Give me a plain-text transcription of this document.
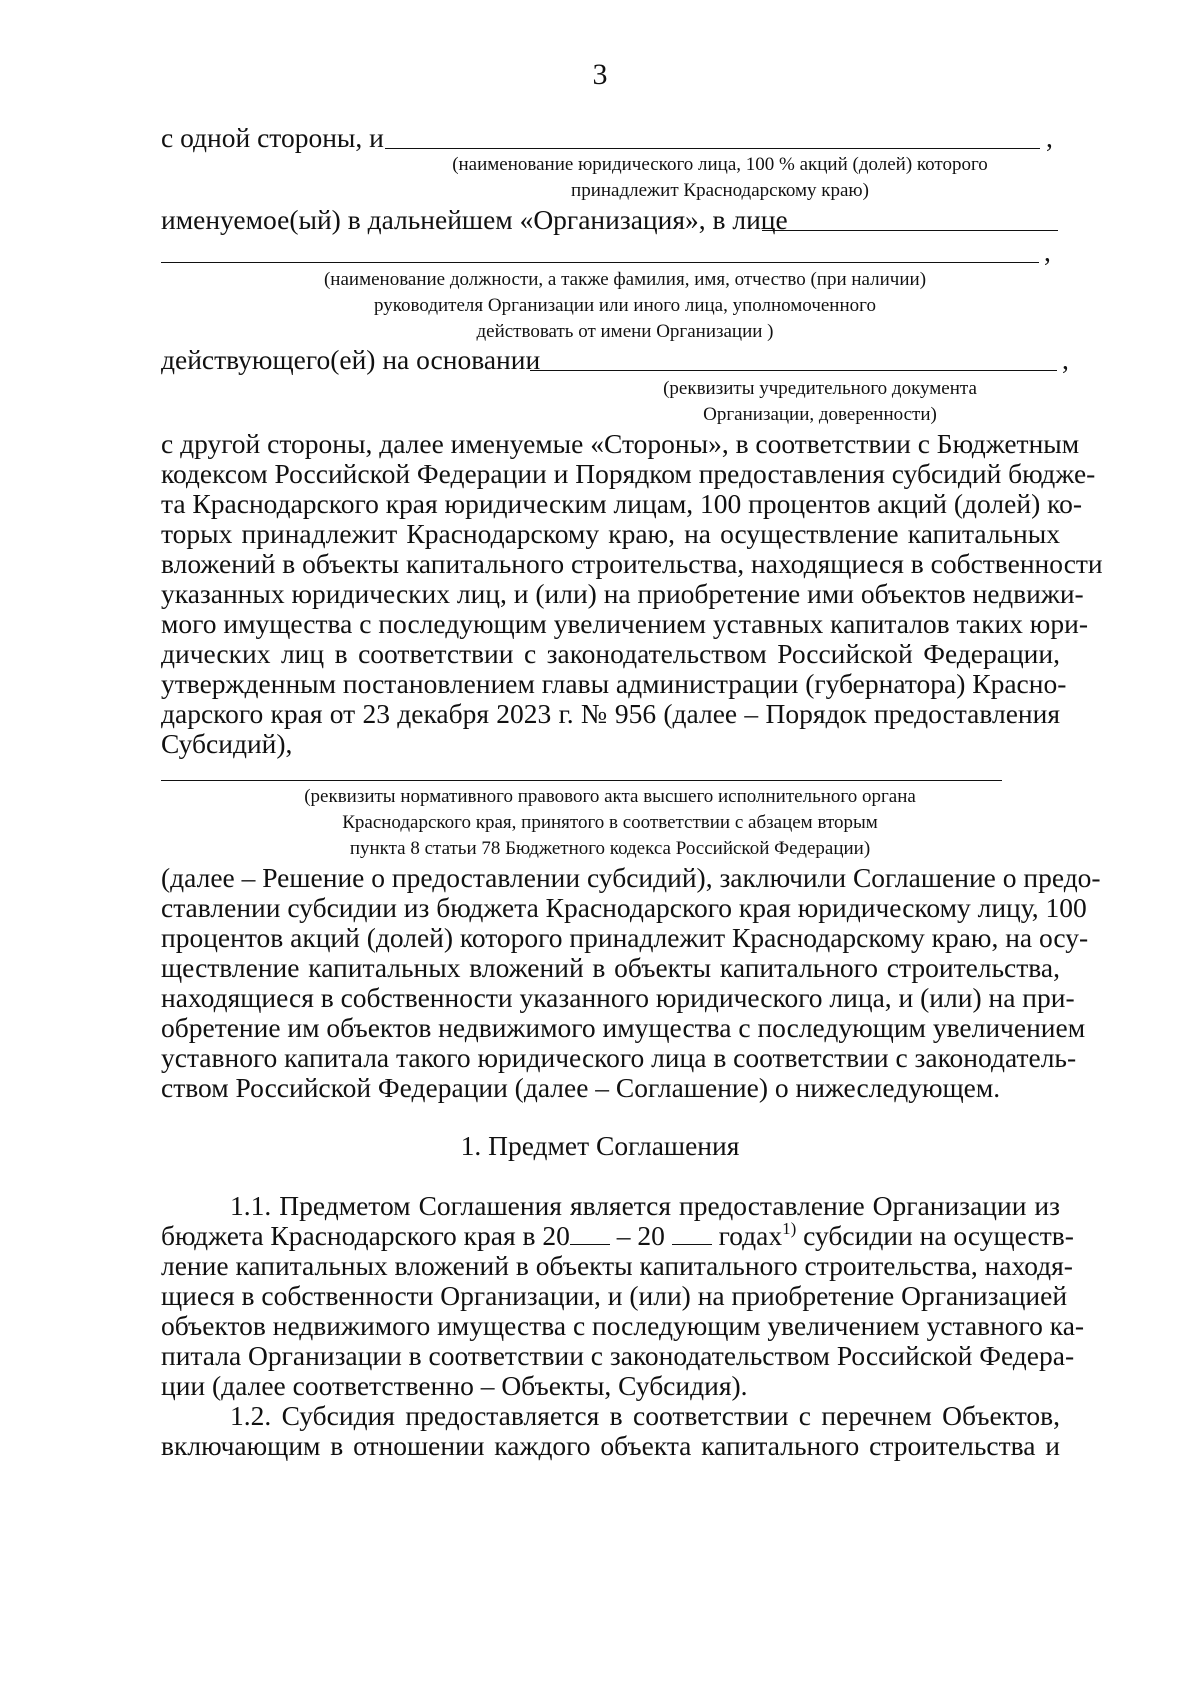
3
с одной стороны, и	,
(наименование юридического лица, 100 % акций (долей) которого
принадлежит Краснодарскому краю)
именуемое(ый) в дальнейшем «Организация», в лице
,
(наименование должности, а также фамилия, имя, отчество (при наличии)
руководителя Организации или иного лица, уполномоченного
действовать от имени Организации )
действующего(ей) на основании	,
(реквизиты учредительного документа
Организации, доверенности)
с другой стороны, далее именуемые «Стороны», в соответствии с Бюджетным
кодексом Российской Федерации и Порядком предоставления субсидий бюдже-
та Краснодарского края юридическим лицам, 100 процентов акций (долей) ко-
торых принадлежит Краснодарскому краю, на осуществление капитальных
вложений в объекты капитального строительства, находящиеся в собственности
указанных юридических лиц, и (или) на приобретение ими объектов недвижи-
мого имущества с последующим увеличением уставных капиталов таких юри-
дических лиц в соответствии с законодательством Российской Федерации,
утвержденным постановлением главы администрации (губернатора) Красно-
дарского края от 23 декабря 2023 г. № 956 (далее – Порядок предоставления
Субсидий),
(реквизиты нормативного правового акта высшего исполнительного органа
Краснодарского края, принятого в соответствии с абзацем вторым
пункта 8 статьи 78 Бюджетного кодекса Российской Федерации)
(далее – Решение о предоставлении субсидий), заключили Соглашение о предо-
ставлении субсидии из бюджета Краснодарского края юридическому лицу, 100
процентов акций (долей) которого принадлежит Краснодарскому краю, на осу-
ществление капитальных вложений в объекты капитального строительства,
находящиеся в собственности указанного юридического лица, и (или) на при-
обретение им объектов недвижимого имущества с последующим увеличением
уставного капитала такого юридического лица в соответствии с законодатель-
ством Российской Федерации (далее – Соглашение) о нижеследующем.
1. Предмет Соглашения
1.1. Предметом Соглашения является предоставление Организации из
бюджета Краснодарского края в 20 – 20 годах$^{1)}$ субсидии на осуществ-
ление капитальных вложений в объекты капитального строительства, находя-
щиеся в собственности Организации, и (или) на приобретение Организацией
объектов недвижимого имущества с последующим увеличением уставного ка-
питала Организации в соответствии с законодательством Российской Федера-
ции (далее соответственно – Объекты, Субсидия).
1.2. Субсидия предоставляется в соответствии с перечнем Объектов,
включающим в отношении каждого объекта капитального строительства и
